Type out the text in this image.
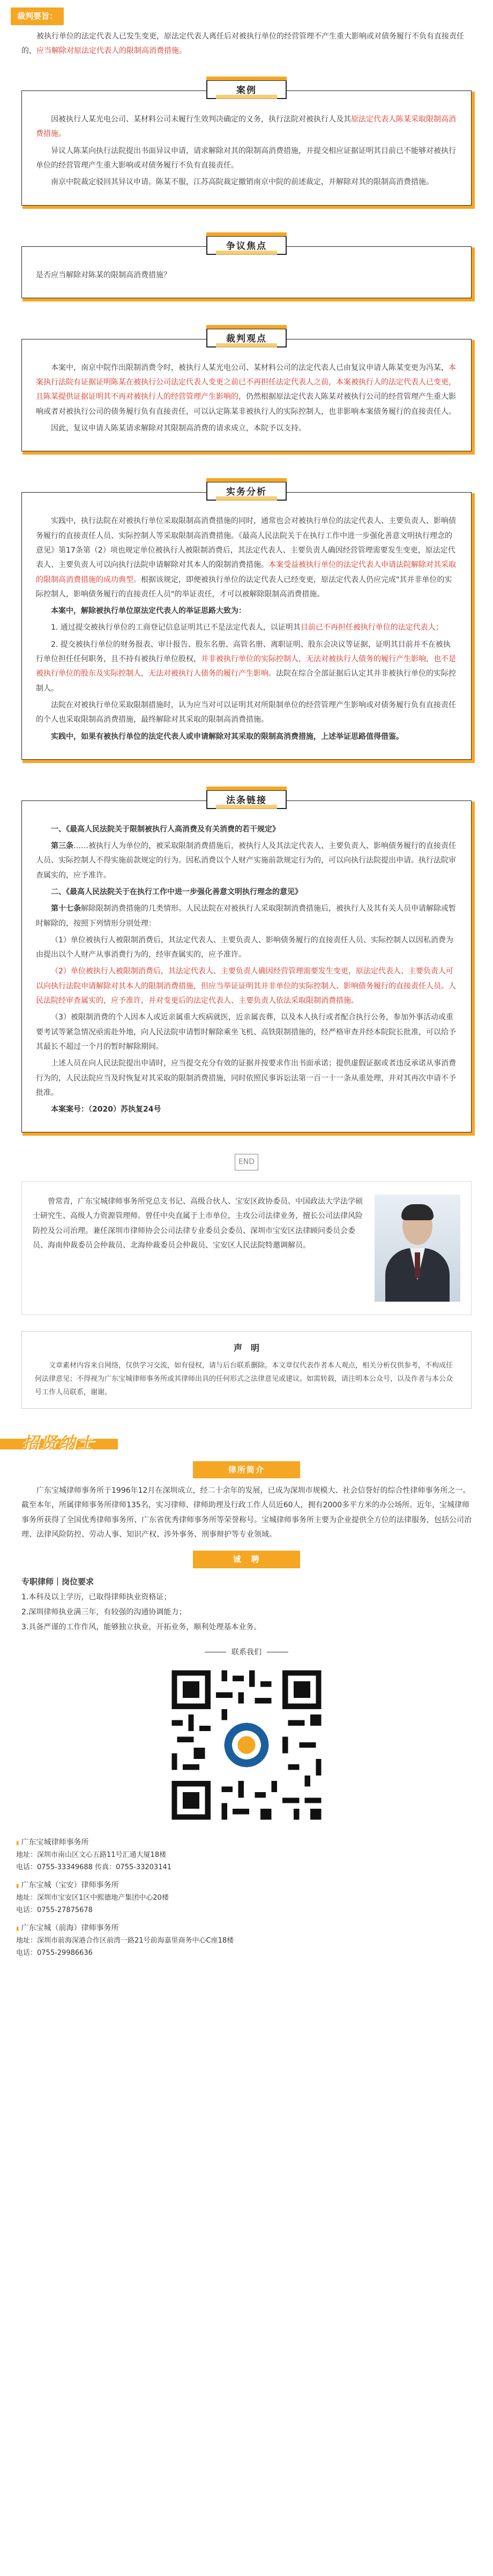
裁判要旨：
被执行单位的法定代表人已发生变更，原法定代表人离任后对被执行单位的经营管理不产生重大影响或对债务履行不负有直接责任的，应当解除对原法定代表人的限制高消费措施。
案例

因被执行人某光电公司、某材料公司未履行生效判决确定的义务，执行法院对被执行人及其原法定代表人陈某采取限制高消费措施。

异议人陈某向执行法院提出书面异议申请，请求解除对其的限制高消费措施，并提交相应证据证明其目前已不能够对被执行单位的经营管理产生重大影响或对债务履行不负有直接责任。

南京中院裁定驳回其异议申请。陈某不服，江苏高院裁定撤销南京中院的前述裁定，并解除对其的限制高消费措施。

争议焦点

是否应当解除对陈某的限制高消费措施？

裁判观点

本案中，南京中院作出限制消费令时，被执行人某光电公司、某材料公司的法定代表人已由复议申请人陈某变更为冯某，本案执行法院有证据证明陈某在被执行公司法定代表人变更之前已不再担任法定代表人之前，本案被执行人的法定代表人已变更，且陈某提供证据证明其不再对被执行人的经营管理产生影响的，仍然根据原法定代表人陈某对被执行公司的经营管理产生重大影响或者对被执行公司的债务履行负有直接责任，可以认定陈某非被执行人的实际控制人，也非影响本案债务履行的直接责任人。

因此，复议申请人陈某请求解除对其限制高消费的请求成立，本院予以支持。

实务分析

实践中，执行法院在对被执行单位采取限制高消费措施的同时，通常也会对被执行单位的法定代表人、主要负责人、影响债务履行的直接责任人员、实际控制人等采取限制高消费措施。《最高人民法院关于在执行工作中进一步强化善意文明执行理念的意见》第17条第（2）项也规定单位被执行人被限制消费后，其法定代表人、主要负责人确因经营管理需要发生变更，原法定代表人、主要负责人可以向执行法院申请解除对其本人的限制消费措施。本案受益被执行单位的法定代表人申请法院解除对其采取的限制高消费措施的成功典型。根据该规定，即便被执行单位的法定代表人已经变更，原法定代表人仍应完成"其并非单位的实际控制人，影响债务履行的直接责任人员"的举证责任，才可以被解除限制高消费措施。

本案中，解除被执行单位原法定代表人的举证思路大致为：

1. 通过提交被执行单位的工商登记信息证明其已不是法定代表人，以证明其目前已不再担任被执行单位的法定代表人；

2. 提交被执行单位的财务报表、审计报告、股东名册、高管名册、离职证明、股东会决议等证据，证明其目前并不在被执行单位担任任何职务，且不持有被执行单位股权，并非被执行单位的实际控制人，无法对被执行人债务的履行产生影响，也不是被执行单位的股东及实际控制人，无法对被执行人债务的履行产生影响。法院在综合全部证据后认定其并非被执行单位的实际控制人。

法院在对被执行单位采取限制措施时，认为应当对可以证明其对所限制单位的经营管理产生影响或对债务履行负有直接责任的个人也采取限制高消费措施，最终解除对其采取的限制高消费措施。

实践中，如果有被执行单位的法定代表人或申请解除对其采取的限制高消费措施，上述举证思路值得借鉴。

法条链接

一、《最高人民法院关于限制被执行人高消费及有关消费的若干规定》

第三条……被执行人为单位的，被采取限制消费措施后，被执行人及其法定代表人、主要负责人、影响债务履行的直接责任人员、实际控制人不得实施前款规定的行为。因私消费以个人财产实施前款规定行为的，可以向执行法院提出申请。执行法院审查属实的，应予准许。

二、《最高人民法院关于在执行工作中进一步强化善意文明执行理念的意见》

第十七条解除限制消费措施的几类情形。人民法院在对被执行人采取限制消费措施后，被执行人及其有关人员申请解除或暂时解除的，按照下列情形分别处理：

（1）单位被执行人被限制消费后，其法定代表人、主要负责人、影响债务履行的直接责任人员、实际控制人以因私消费为由提出以个人财产从事消费行为的，经审查属实的，应予准许。

（2）单位被执行人被限制消费后，其法定代表人、主要负责人确因经营管理需要发生变更，原法定代表人、主要负责人可以向执行法院申请解除对其本人的限制消费措施，但应当举证证明其并非单位的实际控制人、影响债务履行的直接责任人员。人民法院经审查属实的，应予准许，并对变更后的法定代表人、主要负责人依法采取限制消费措施。

（3）被限制消费的个人因本人或近亲属重大疾病就医，近亲属丧葬，以及本人执行或者配合执行公务，参加外事活动或重要考试等紧急情况亟需赴外地，向人民法院申请暂时解除乘坐飞机、高铁限制措施的，经严格审查并经本院院长批准，可以给予其最长不超过一个月的暂时解除期间。

上述人员在向人民法院提出申请时，应当提交充分有效的证据并按要求作出书面承诺；提供虚假证据或者违反承诺从事消费行为的，人民法院应当及时恢复对其采取的限制消费措施，同时依照民事诉讼法第一百一十一条从重处理，并对其再次申请不予批准。

本案案号：（2020）苏执复24号

END
曾常青，广东宝城律师事务所党总支书记、高级合伙人、宝安区政协委员、中国政法大学法学硕士研究生、高级人力资源管理师。曾任中央直属于上市单位，主攻公司法律业务，擅长公司法律风险防控及公司治理。兼任深圳市律师协会公司法律专业委员会委员、深圳市宝安区法律顾问委员会委员、海南仲裁委员会仲裁员、北海仲裁委员会仲裁员、宝安区人民法院特邀调解员。
声　明

文章素材内容来自网络，仅供学习交流，如有侵权，请与后台联系删除。本文章仅代表作者本人观点，相关分析仅供参考，不构成任何法律意见；不得视为广东宝城律师事务所或其律师出具的任何形式之法律意见或建议。如需转载，请注明本公众号，以及作者与本公众号工作人员联系，谢谢。

招贤纳士
律所简介
广东宝城律师事务所于1996年12月在深圳成立，经二十余年的发展，已成为深圳市规模大、社会信誉好的综合性律师事务所之一。截至本年，所属律师事务所律师135名，实习律师、律师助理及行政工作人员近60人，拥有2000多平方米的办公场所。近年，宝城律师事务所获得了全国优秀律师事务所、广东省优秀律师事务所等荣誉称号。宝城律师事务所主要为企业提供全方位的法律服务，包括公司治理、法律风险防控、劳动人事、知识产权、涉外事务、刑事辩护等专业领域。
诚　聘
专职律师｜岗位要求
1.本科及以上学历，已取得律师执业资格证；
2.深圳律师执业满三年，有较强的沟通协调能力；
3.具备严谨的工作作风，能够独立执业，开拓业务，顺利处理基本业务。
联系我们
▮ 广东宝城律师事务所
地址：深圳市南山区文心五路11号汇通大厦18楼
电话：0755-33349688 传真：0755-33203141
▮ 广东宝城（宝安）律师事务所
地址：深圳市宝安区1区中熙德地产集团中心20楼
电话：0755-27875678
▮ 广东宝城（前海）律师事务所
地址：深圳市前海深港合作区前湾一路21号前海嘉里商务中心C座18楼
电话：0755-29986636
